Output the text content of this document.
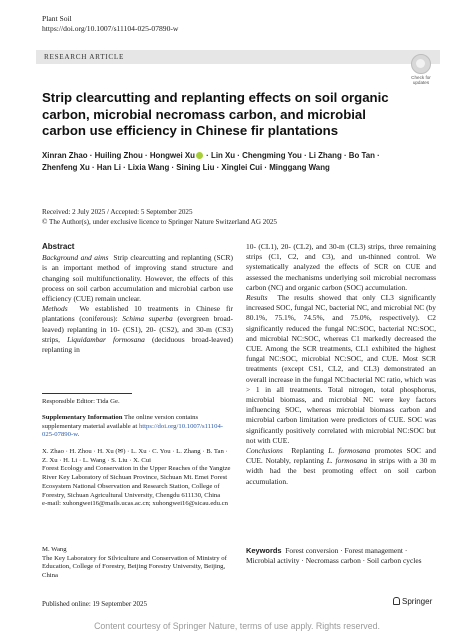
Plant Soil
https://doi.org/10.1007/s11104-025-07890-w
RESEARCH ARTICLE
Check for
updates
Strip clearcutting and replanting effects on soil organic carbon, microbial necromass carbon, and microbial carbon use efficiency in Chinese fir plantations
Xinran Zhao · Huiling Zhou · Hongwei Xu · Lin Xu · Chengming You · Li Zhang · Bo Tan ·
Zhenfeng Xu · Han Li · Lixia Wang · Sining Liu · Xinglei Cui · Minggang Wang
Received: 2 July 2025 / Accepted: 5 September 2025
© The Author(s), under exclusive licence to Springer Nature Switzerland AG 2025
Abstract

Background and aims Strip clearcutting and replanting (SCR) is an important method of improving stand structure and changing soil multifunctionality. However, the effects of this process on soil carbon accumulation and microbial carbon use efficiency (CUE) remain unclear.

Methods We established 10 treatments in Chinese fir plantations (coniferous): Schima superba (evergreen broad-leaved) replanting in 10- (CS1), 20- (CS2), and 30-m (CS3) strips, Liquidambar formosana (deciduous broad-leaved) replanting in

Responsible Editor: Tida Ge.
Supplementary Information The online version contains supplementary material available at https://doi.org/10.1007/s11104-025-07890-w.
X. Zhao · H. Zhou · H. Xu (✉) · L. Xu · C. You · L. Zhang · B. Tan · Z. Xu · H. Li · L. Wang · S. Liu · X. Cui
Forest Ecology and Conservation in the Upper Reaches of the Yangtze River Key Laboratory of Sichuan Province, Sichuan Mt. Emei Forest Ecosystem National Observation and Research Station, College of Forestry, Sichuan Agricultural University, Chengdu 611130, China
e-mail: xuhongwei16@mails.ucas.ac.cn; xuhongwei16@sicau.edu.cn
M. Wang
The Key Laboratory for Silviculture and Conservation of Ministry of Education, College of Forestry, Beijing Forestry University, Beijing, China

10- (CL1), 20- (CL2), and 30-m (CL3) strips, three remaining strips (C1, C2, and C3), and un-thinned control. We systematically analyzed the effects of SCR on CUE and assessed the mechanisms underlying soil microbial necromass carbon (NC) and organic carbon (SOC) accumulation.

Results The results showed that only CL3 significantly increased SOC, fungal NC, bacterial NC, and microbial NC (by 80.1%, 75.1%, 74.5%, and 75.0%, respectively). C2 significantly reduced the fungal NC:SOC, bacterial NC:SOC, and microbial NC:SOC, whereas C1 markedly decreased the CUE. Among the SCR treatments, CL1 exhibited the highest fungal NC:SOC, microbial NC:SOC, and CUE. Most SCR treatments (except CS1, CL2, and CL3) demonstrated an overall increase in the fungal NC:bacterial NC ratio, which was > 1 in all treatments. Total nitrogen, total phosphorus, microbial biomass, and microbial NC were key factors influencing SOC, whereas microbial biomass carbon and microbial carbon limitation were predictors of CUE. SOC was significantly positively correlated with microbial NC:SOC but not with CUE.

Conclusions Replanting L. formosana promotes SOC and CUE. Notably, replanting L. formosana in strips with a 30 m width had the best promoting effect on soil carbon accumulation.

Keywords Forest conversion · Forest management · Microbial activity · Necromass carbon · Soil carbon cycles
Published online: 19 September 2025	Springer
Content courtesy of Springer Nature, terms of use apply. Rights reserved.
